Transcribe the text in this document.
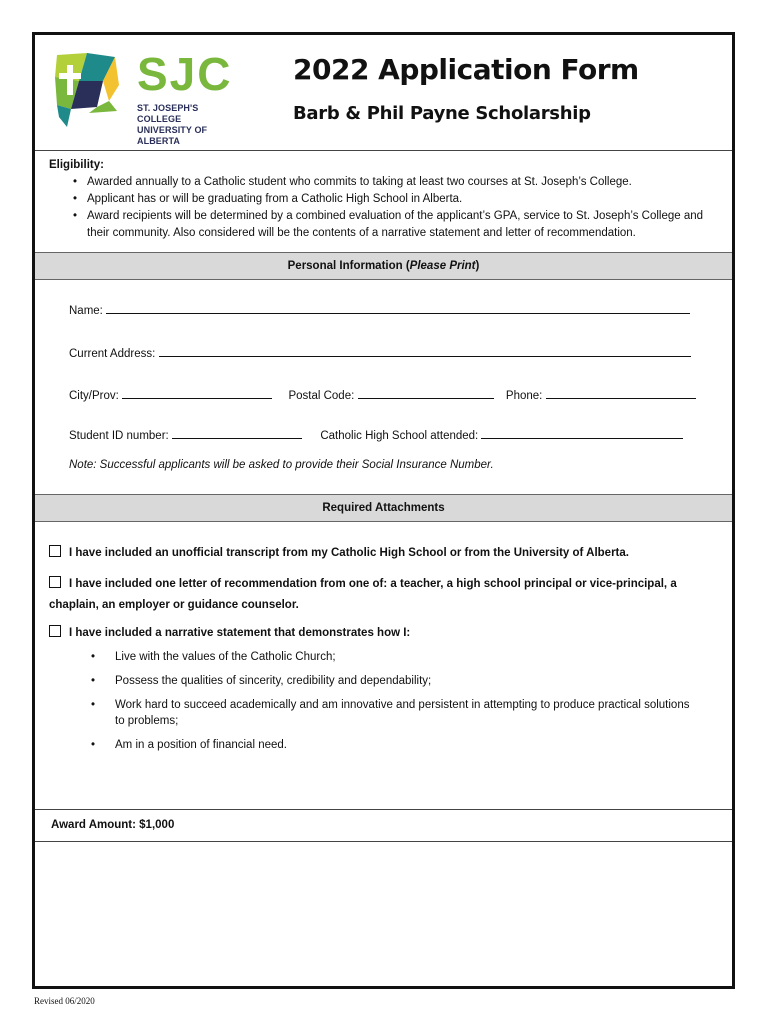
SJC
ST. JOSEPH'S COLLEGE
UNIVERSITY OF ALBERTA
2022 Application Form
Barb & Phil Payne Scholarship
Eligibility:
• Awarded annually to a Catholic student who commits to taking at least two courses at St. Joseph’s College.
• Applicant has or will be graduating from a Catholic High School in Alberta.
• Award recipients will be determined by a combined evaluation of the applicant’s GPA, service to St. Joseph’s College and their community. Also considered will be the contents of a narrative statement and letter of recommendation.
Personal Information (Please Print)
Name:
Current Address:
City/Prov:	Postal Code:	Phone:
Student ID number:	Catholic High School attended:
Note: Successful applicants will be asked to provide their Social Insurance Number.
Required Attachments
I have included an unofficial transcript from my Catholic High School or from the University of Alberta.
I have included one letter of recommendation from one of: a teacher, a high school principal or vice-principal, a chaplain, an employer or guidance counselor.
I have included a narrative statement that demonstrates how I:
• Live with the values of the Catholic Church;
• Possess the qualities of sincerity, credibility and dependability;
• Work hard to succeed academically and am innovative and persistent in attempting to produce practical solutions to problems;
• Am in a position of financial need.
Award Amount: $1,000
Revised 06/2020
